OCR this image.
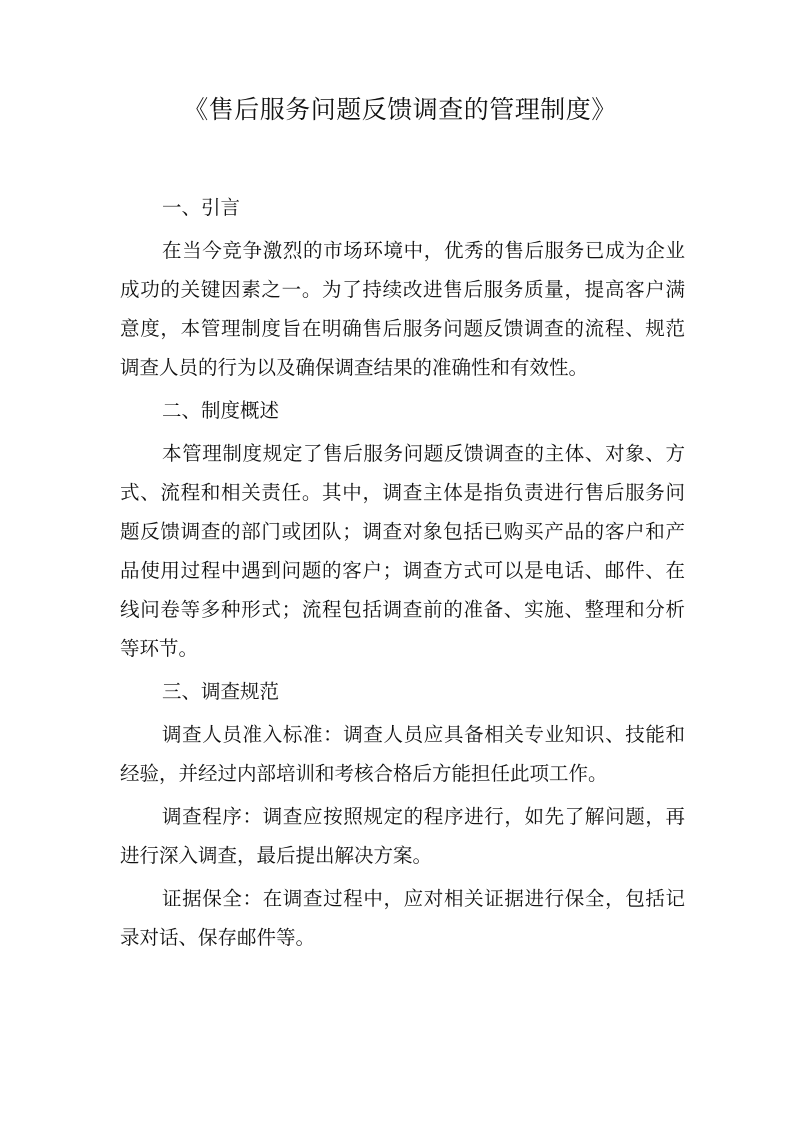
《售后服务问题反馈调查的管理制度》

一、引言

在当今竞争激烈的市场环境中，优秀的售后服务已成为企业成功的关键因素之一。为了持续改进售后服务质量，提高客户满意度，本管理制度旨在明确售后服务问题反馈调查的流程、规范调查人员的行为以及确保调查结果的准确性和有效性。

二、制度概述

本管理制度规定了售后服务问题反馈调查的主体、对象、方式、流程和相关责任。其中，调查主体是指负责进行售后服务问题反馈调查的部门或团队；调查对象包括已购买产品的客户和产品使用过程中遇到问题的客户；调查方式可以是电话、邮件、在线问卷等多种形式；流程包括调查前的准备、实施、整理和分析等环节。

三、调查规范

调查人员准入标准：调查人员应具备相关专业知识、技能和经验，并经过内部培训和考核合格后方能担任此项工作。

调查程序：调查应按照规定的程序进行，如先了解问题，再进行深入调查，最后提出解决方案。

证据保全：在调查过程中，应对相关证据进行保全，包括记录对话、保存邮件等。
